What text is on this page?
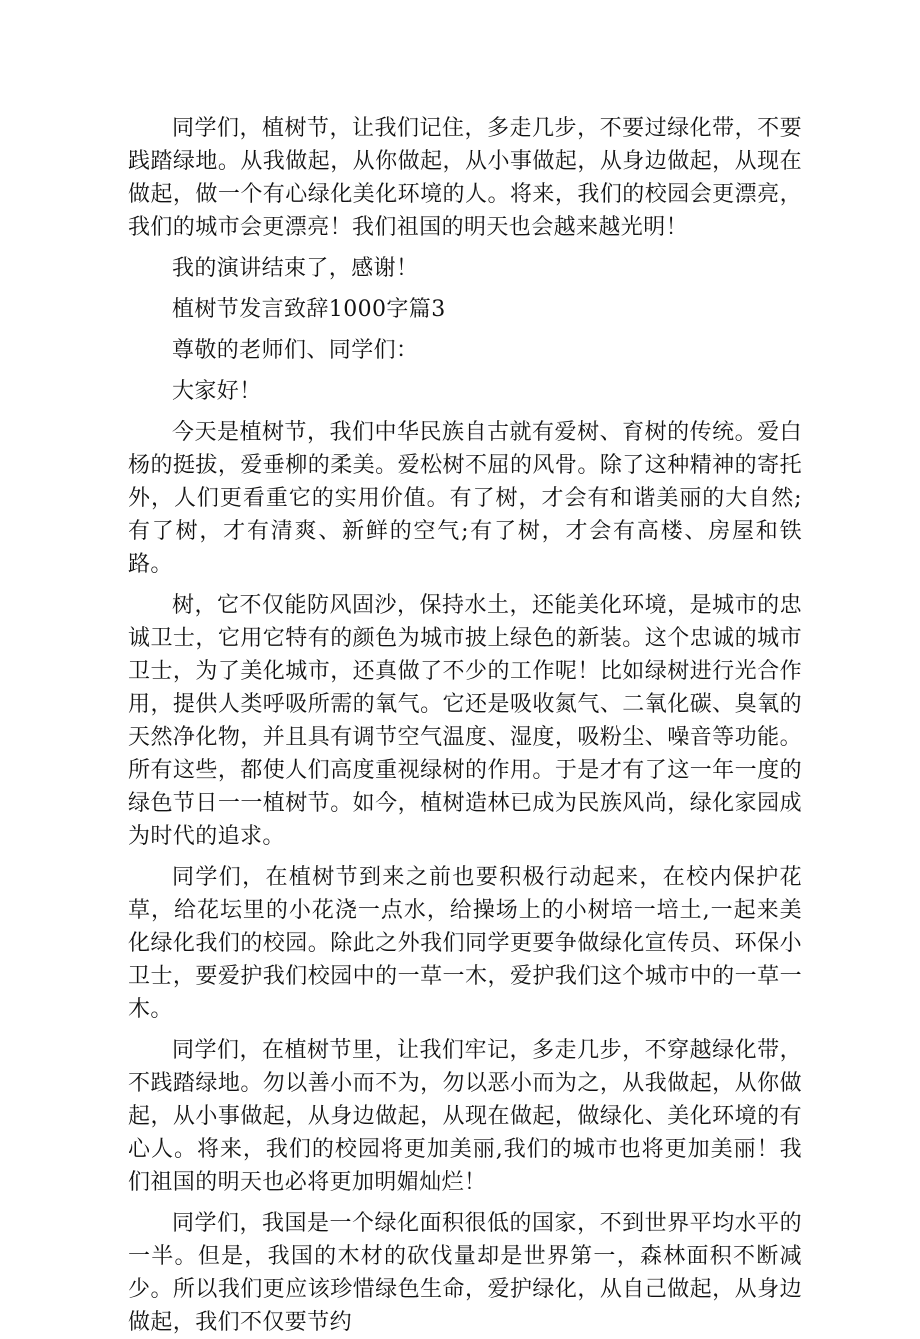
同学们，植树节，让我们记住，多走几步，不要过绿化带，不要践踏绿地。从我做起，从你做起，从小事做起，从身边做起，从现在做起，做一个有心绿化美化环境的人。将来，我们的校园会更漂亮，我们的城市会更漂亮！我们祖国的明天也会越来越光明！

我的演讲结束了，感谢！

植树节发言致辞1000字篇3

尊敬的老师们、同学们：

大家好！

今天是植树节，我们中华民族自古就有爱树、育树的传统。爱白杨的挺拔，爱垂柳的柔美。爱松树不屈的风骨。除了这种精神的寄托外，人们更看重它的实用价值。有了树，才会有和谐美丽的大自然;有了树，才有清爽、新鲜的空气;有了树，才会有高楼、房屋和铁路。

树，它不仅能防风固沙，保持水土，还能美化环境，是城市的忠诚卫士，它用它特有的颜色为城市披上绿色的新装。这个忠诚的城市卫士，为了美化城市，还真做了不少的工作呢！比如绿树进行光合作用，提供人类呼吸所需的氧气。它还是吸收氮气、二氧化碳、臭氧的天然净化物，并且具有调节空气温度、湿度，吸粉尘、噪音等功能。所有这些，都使人们高度重视绿树的作用。于是才有了这一年一度的绿色节日一一植树节。如今，植树造林已成为民族风尚，绿化家园成为时代的追求。

同学们，在植树节到来之前也要积极行动起来，在校内保护花草，给花坛里的小花浇一点水，给操场上的小树培一培土,一起来美化绿化我们的校园。除此之外我们同学更要争做绿化宣传员、环保小卫士，要爱护我们校园中的一草一木，爱护我们这个城市中的一草一木。

同学们，在植树节里，让我们牢记，多走几步，不穿越绿化带，不践踏绿地。勿以善小而不为，勿以恶小而为之，从我做起，从你做起，从小事做起，从身边做起，从现在做起，做绿化、美化环境的有心人。将来，我们的校园将更加美丽,我们的城市也将更加美丽！我们祖国的明天也必将更加明媚灿烂！

同学们，我国是一个绿化面积很低的国家，不到世界平均水平的一半。但是，我国的木材的砍伐量却是世界第一，森林面积不断减少。所以我们更应该珍惜绿色生命，爱护绿化，从自己做起，从身边做起，我们不仅要节约
